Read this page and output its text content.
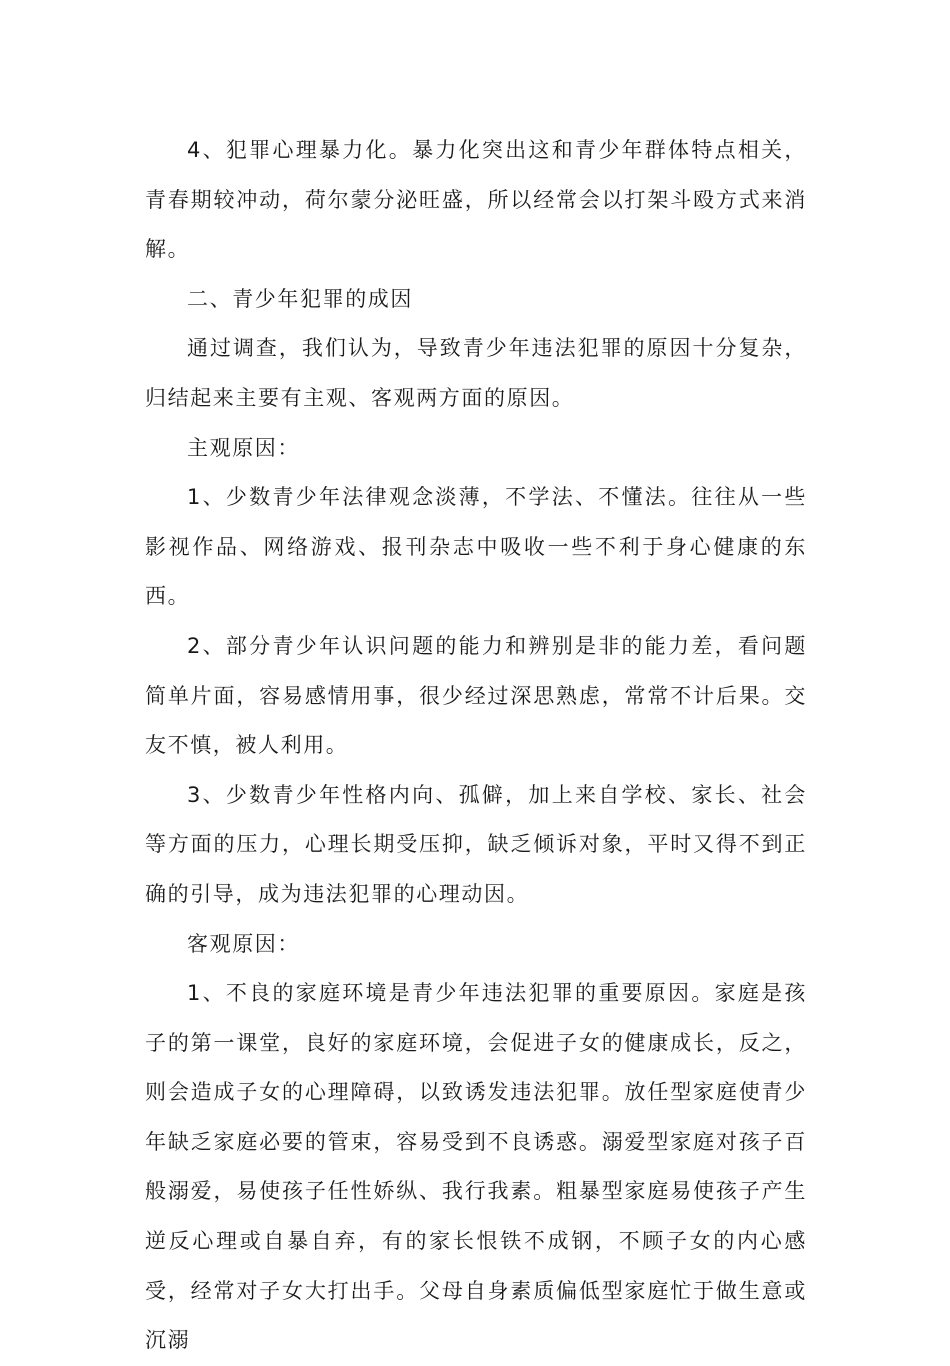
4、犯罪心理暴力化。暴力化突出这和青少年群体特点相关，青春期较冲动，荷尔蒙分泌旺盛，所以经常会以打架斗殴方式来消解。

二、青少年犯罪的成因

通过调查，我们认为，导致青少年违法犯罪的原因十分复杂，归结起来主要有主观、客观两方面的原因。

主观原因：

1、少数青少年法律观念淡薄，不学法、不懂法。往往从一些影视作品、网络游戏、报刊杂志中吸收一些不利于身心健康的东西。

2、部分青少年认识问题的能力和辨别是非的能力差，看问题简单片面，容易感情用事，很少经过深思熟虑，常常不计后果。交友不慎，被人利用。

3、少数青少年性格内向、孤僻，加上来自学校、家长、社会等方面的压力，心理长期受压抑，缺乏倾诉对象，平时又得不到正确的引导，成为违法犯罪的心理动因。

客观原因：

1、不良的家庭环境是青少年违法犯罪的重要原因。家庭是孩子的第一课堂，良好的家庭环境，会促进子女的健康成长，反之，则会造成子女的心理障碍，以致诱发违法犯罪。放任型家庭使青少年缺乏家庭必要的管束，容易受到不良诱惑。溺爱型家庭对孩子百般溺爱，易使孩子任性娇纵、我行我素。粗暴型家庭易使孩子产生逆反心理或自暴自弃，有的家长恨铁不成钢，不顾子女的内心感受，经常对子女大打出手。父母自身素质偏低型家庭忙于做生意或沉溺
